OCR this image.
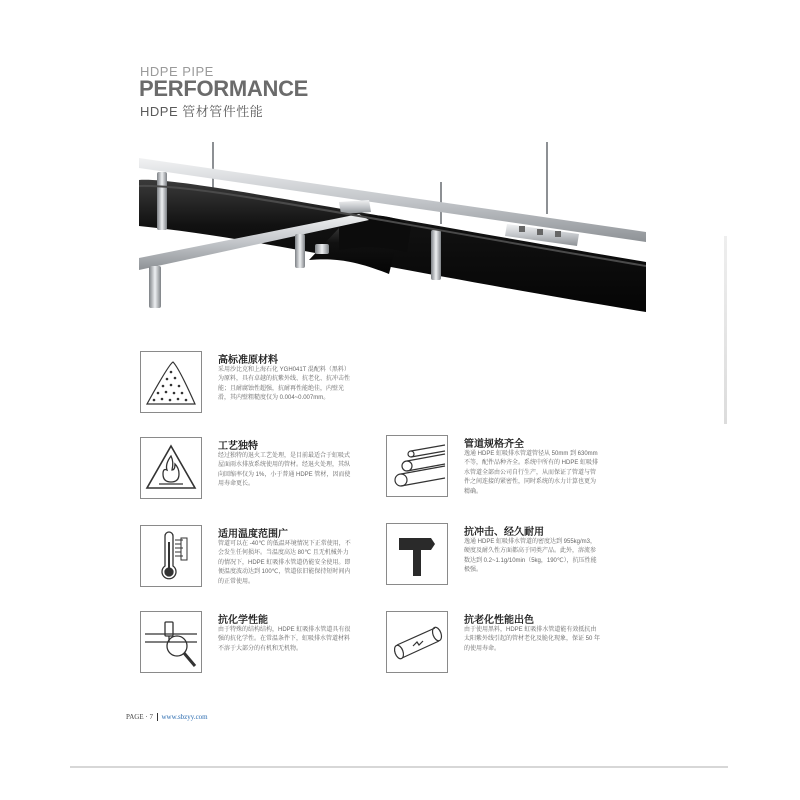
HDPE PIPE
PERFORMANCE
HDPE 管材管件性能
高标准原材料
采用沙比克和上海石化 YGH041T 混配料（黑料）为原料，具有卓越的抗紫外线、抗老化、抗冲击性能；且耐腐蚀性超强，抗耐再性能绝佳，内壁光滑，其内壁粗糙度仅为 0.004~0.007mm。
工艺独特
经过独特的退火工艺处理，是目前最适合于虹吸式屋面雨水排放系统使用的管材。经退火处理，其纵向回缩率仅为 1%，小于普通 HDPE 管材，因而使用寿命更长。
管道规格齐全
逸通 HDPE 虹吸排水管道管径从 50mm 到 630mm 不等，配件品种齐全。系统中所有的 HDPE 虹吸排水管道全部由公司自行生产，从而保证了管道与管件之间连接的紧密性，同时系统的水力计算也更为精确。
适用温度范围广
管道可以在 -40℃ 的低温环境情况下正常使用，不会发生任何损坏。当温度高达 80℃ 且无机械外力的情况下，HDPE 虹吸排水管道仍能安全使用。即便温度波动达到 100℃，管道依旧能保持短时间内的正常使用。
抗冲击、经久耐用
逸通 HDPE 虹吸排水管道的密度达到 955kg/m3，硬度及耐久性方面都高于同类产品。此外，溶流参数达到 0.2~1.1g/10min（5kg，190℃），抗压性能极强。
抗化学性能
由于特殊的结构结构，HDPE 虹吸排水管道具有很强的抗化学性。在常温条件下，虹吸排水管道材料不溶于大部分的有机和无机物。
抗老化性能出色
由于使用黑料，HDPE 虹吸排水管道能有效抵抗由太阳紫外线引起的管材老化及脆化现象，保证 50 年的使用寿命。
PAGE · 7 www.sbzyy.com
